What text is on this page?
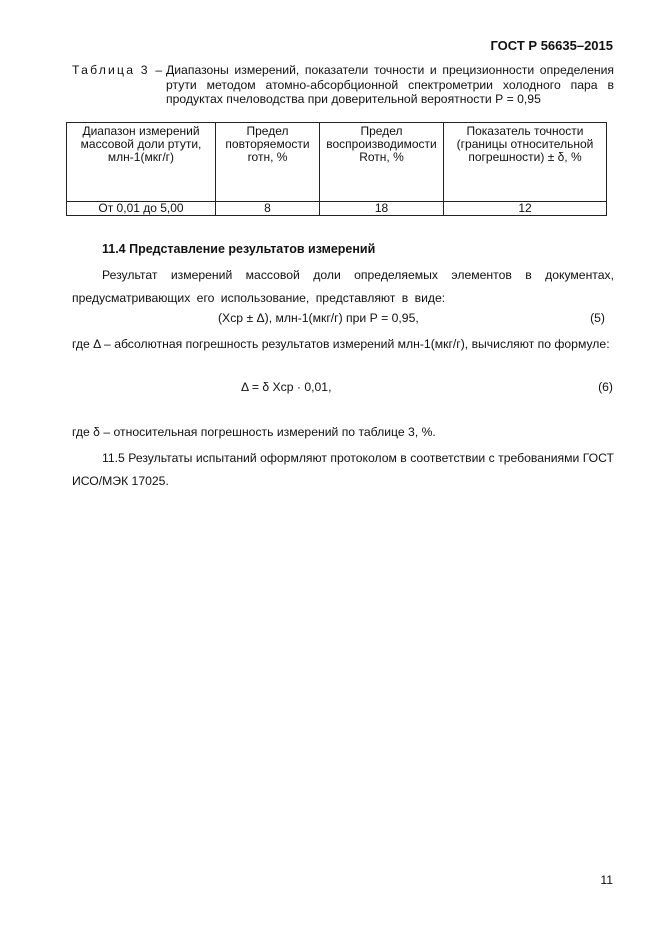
ГОСТ Р 56635–2015
Таблица 3 – Диапазоны измерений, показатели точности и прецизионности определения ртути методом атомно-абсорбционной спектрометрии холодного пара в продуктах пчеловодства при доверительной вероятности Р = 0,95
Диапазон измерений массовой доли ртути, млн-1(мкг/г)	Предел повторяемости rотн, %	Предел воспроизводимости Rотн, %	Показатель точности (границы относительной погрешности) ± δ, %
От 0,01 до 5,00	8	18	12
11.4 Представление результатов измерений
Результат измерений массовой доли определяемых элементов в документах, предусматривающих его использование, представляют в виде:
(Хср ± Δ), млн-1(мкг/г) при Р = 0,95,	(5)
где Δ – абсолютная погрешность результатов измерений млн-1(мкг/г), вычисляют по формуле:
Δ = δ Хср · 0,01,	(6)
где δ – относительная погрешность измерений по таблице 3, %.
11.5 Результаты испытаний оформляют протоколом в соответствии с требованиями ГОСТ ИСО/МЭК 17025.
11
